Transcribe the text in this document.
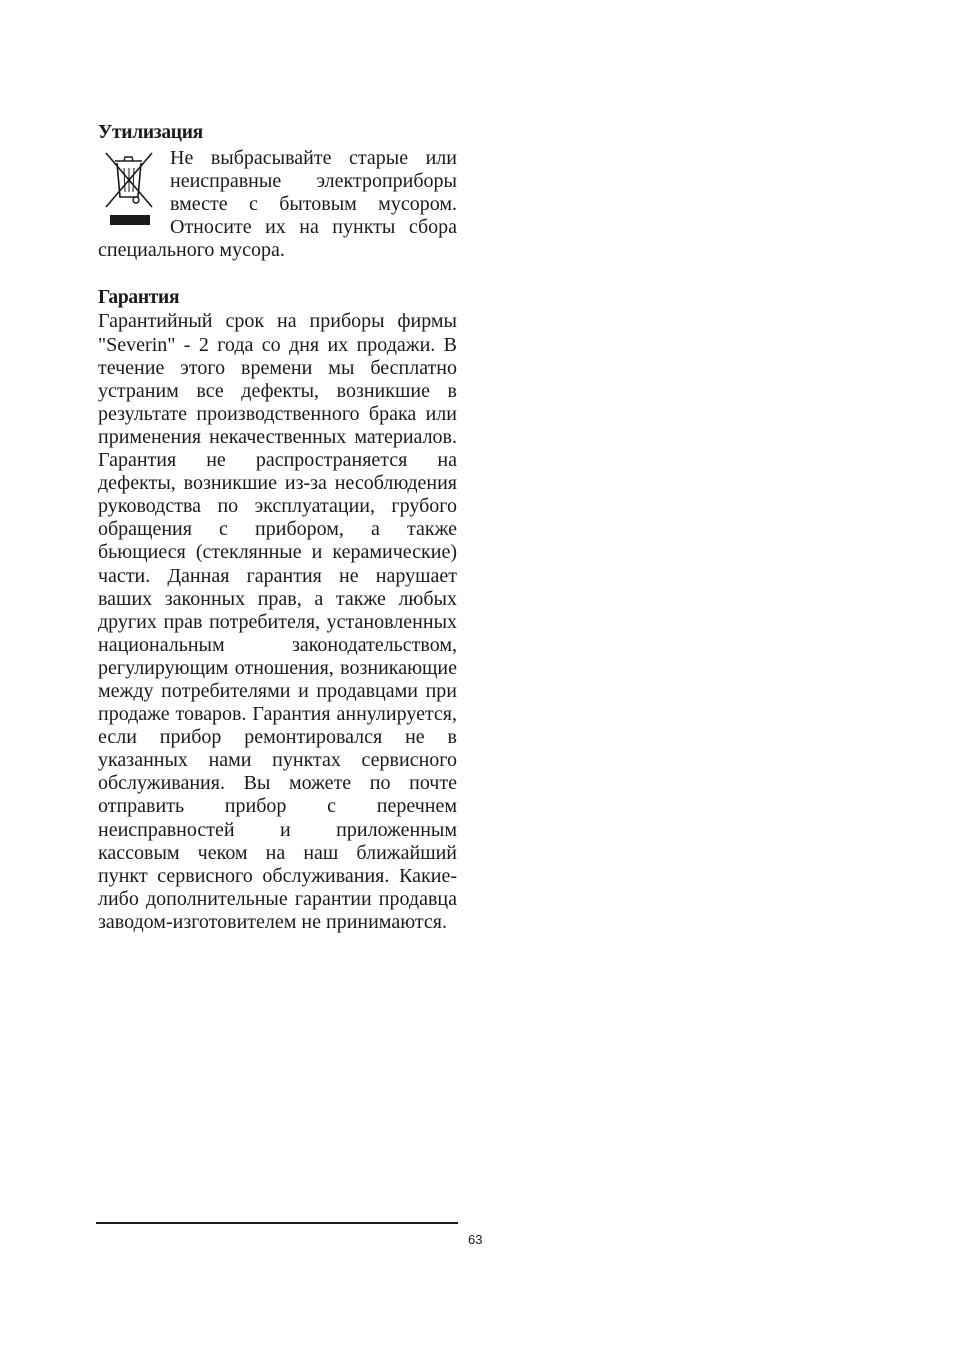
Утилизация

Не выбрасывайте старые или неисправные электроприборы вместе с бытовым мусором. Относите их на пункты сбора специального мусора.

Гарантия

Гарантийный срок на приборы фирмы "Severin" - 2 года со дня их продажи. В течение этого времени мы бесплатно устраним все дефекты, возникшие в результате производственного брака или применения некачественных материалов. Гарантия не распространяется на дефекты, возникшие из-за несоблюдения руководства по эксплуатации, грубого обращения с прибором, а также бьющиеся (стеклянные и керамические) части. Данная гарантия не нарушает ваших законных прав, а также любых других прав потребителя, установленных национальным законодательством, регулирующим отношения, возникающие между потребителями и продавцами при продаже товаров. Гарантия аннулируется, если прибор ремонтировался не в указанных нами пунктах сервисного обслуживания. Вы можете по почте отправить прибор с перечнем неисправностей и приложенным кассовым чеком на наш ближайший пункт сервисного обслуживания. Какие-либо дополнительные гарантии продавца заводом-изготовителем не принимаются.

63
